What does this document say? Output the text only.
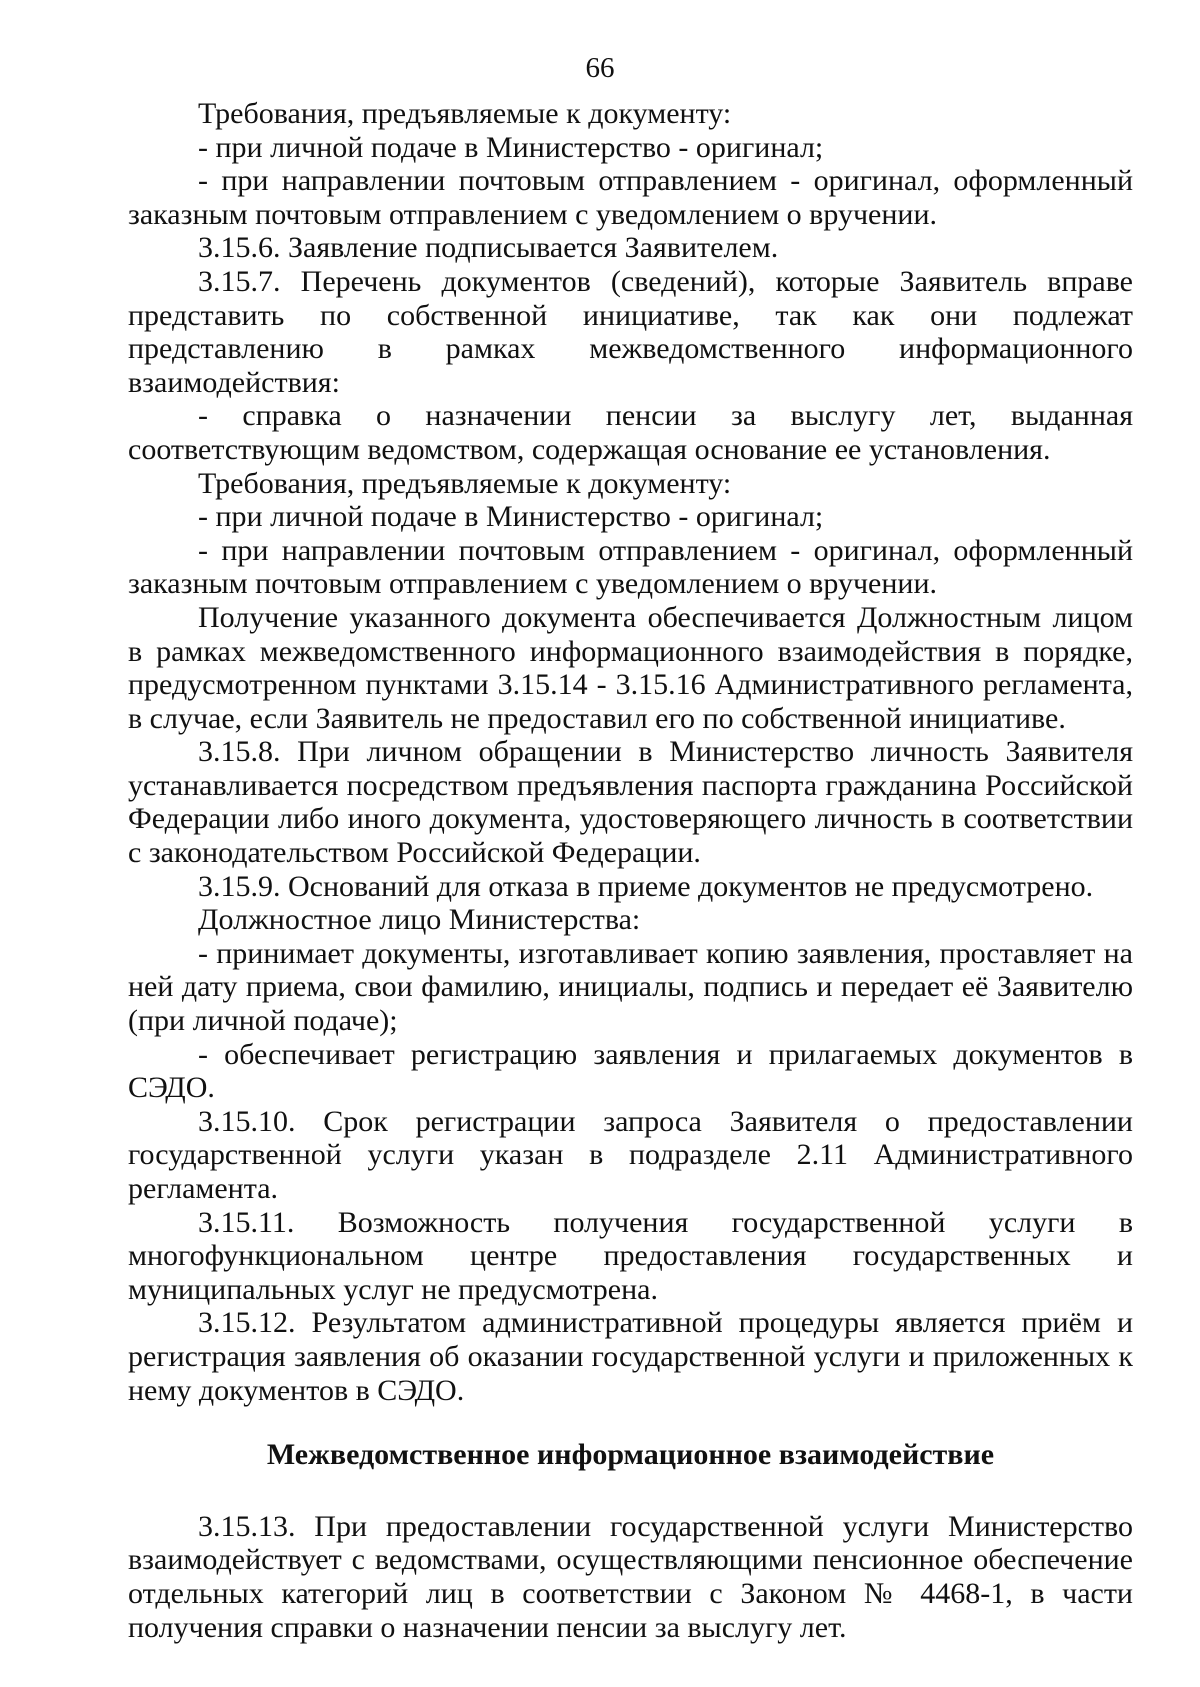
66

Требования, предъявляемые к документу:

- при личной подаче в Министерство - оригинал;

- при направлении почтовым отправлением - оригинал, оформленный заказным почтовым отправлением с уведомлением о вручении.

3.15.6. Заявление подписывается Заявителем.

3.15.7. Перечень документов (сведений), которые Заявитель вправе представить по собственной инициативе, так как они подлежат представлению в рамках межведомственного информационного взаимодействия:

- справка о назначении пенсии за выслугу лет, выданная соответствующим ведомством, содержащая основание ее установления.

Требования, предъявляемые к документу:

- при личной подаче в Министерство - оригинал;

- при направлении почтовым отправлением - оригинал, оформленный заказным почтовым отправлением с уведомлением о вручении.

Получение указанного документа обеспечивается Должностным лицом в рамках межведомственного информационного взаимодействия в порядке, предусмотренном пунктами 3.15.14 - 3.15.16 Административного регламента, в случае, если Заявитель не предоставил его по собственной инициативе.

3.15.8. При личном обращении в Министерство личность Заявителя устанавливается посредством предъявления паспорта гражданина Российской Федерации либо иного документа, удостоверяющего личность в соответствии с законодательством Российской Федерации.

3.15.9. Оснований для отказа в приеме документов не предусмотрено.

Должностное лицо Министерства:

- принимает документы, изготавливает копию заявления, проставляет на ней дату приема, свои фамилию, инициалы, подпись и передает её Заявителю (при личной подаче);

- обеспечивает регистрацию заявления и прилагаемых документов в СЭДО.

3.15.10. Срок регистрации запроса Заявителя о предоставлении государственной услуги указан в подразделе 2.11 Административного регламента.

3.15.11. Возможность получения государственной услуги в многофункциональном центре предоставления государственных и муниципальных услуг не предусмотрена.

3.15.12. Результатом административной процедуры является приём и регистрация заявления об оказании государственной услуги и приложенных к нему документов в СЭДО.

Межведомственное информационное взаимодействие

3.15.13. При предоставлении государственной услуги Министерство взаимодействует с ведомствами, осуществляющими пенсионное обеспечение отдельных категорий лиц в соответствии с Законом № 4468-1, в части получения справки о назначении пенсии за выслугу лет.
